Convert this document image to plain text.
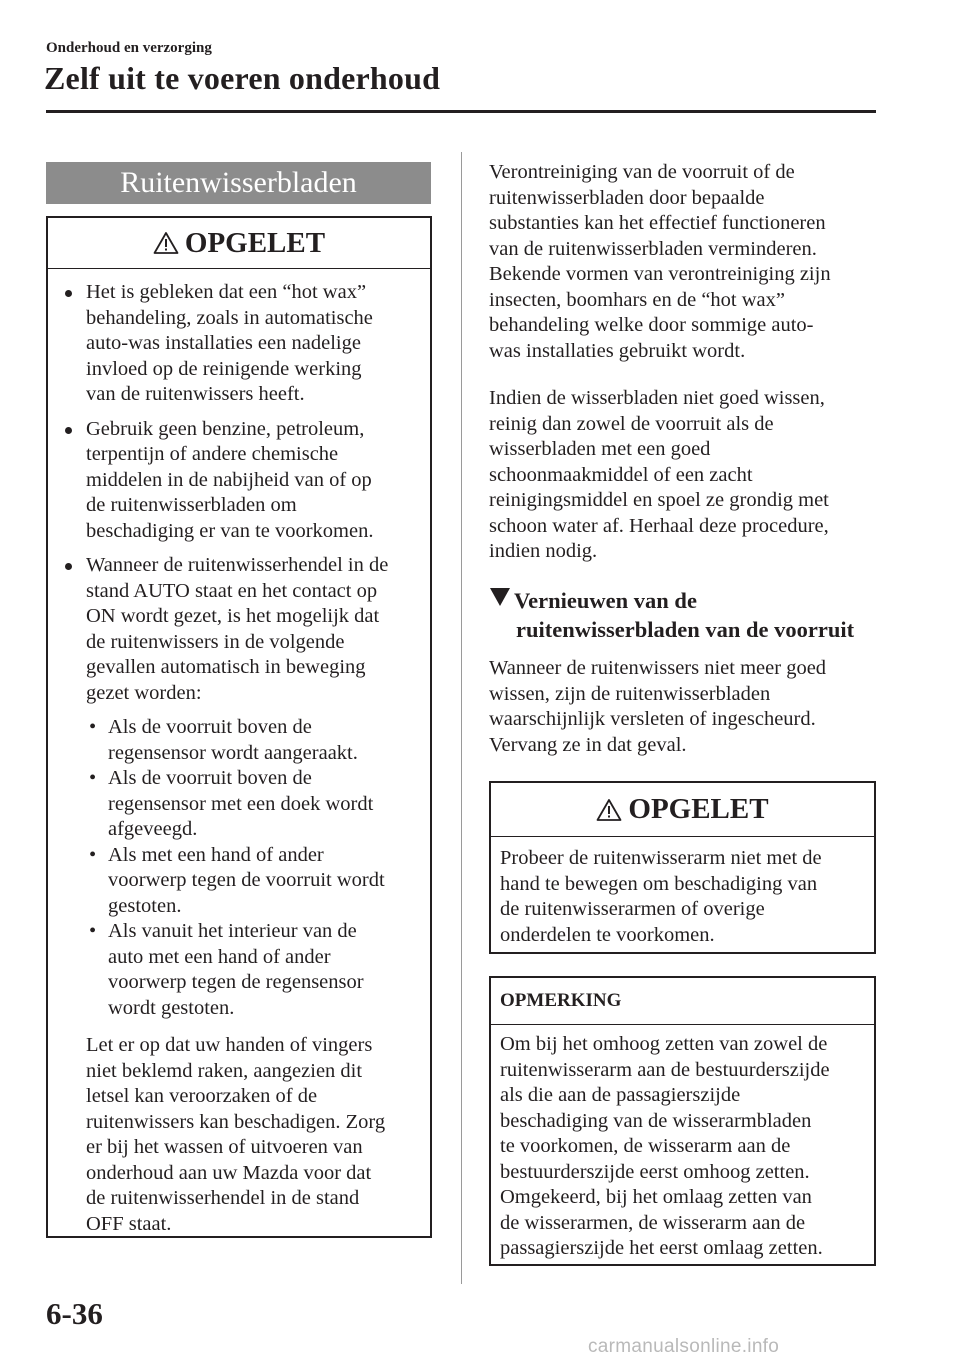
Onderhoud en verzorging
Zelf uit te voeren onderhoud
Ruitenwisserbladen
OPGELET

Het is gebleken dat een “hot wax”

behandeling, zoals in automatische

auto-was installaties een nadelige

invloed op de reinigende werking

van de ruitenwissers heeft.

Gebruik geen benzine, petroleum,

terpentijn of andere chemische

middelen in de nabijheid van of op

de ruitenwisserbladen om

beschadiging er van te voorkomen.

Wanneer de ruitenwisserhendel in de

stand AUTO staat en het contact op

ON wordt gezet, is het mogelijk dat

de ruitenwissers in de volgende

gevallen automatisch in beweging

gezet worden:

• Als de voorruit boven de

regensensor wordt aangeraakt.

• Als de voorruit boven de

regensensor met een doek wordt

afgeveegd.

• Als met een hand of ander

voorwerp tegen de voorruit wordt

gestoten.

• Als vanuit het interieur van de

auto met een hand of ander

voorwerp tegen de regensensor

wordt gestoten.

Let er op dat uw handen of vingers

niet beklemd raken, aangezien dit

letsel kan veroorzaken of de

ruitenwissers kan beschadigen. Zorg

er bij het wassen of uitvoeren van

onderhoud aan uw Mazda voor dat

de ruitenwisserhendel in de stand

OFF staat.

Verontreiniging van de voorruit of de

ruitenwisserbladen door bepaalde

substanties kan het effectief functioneren

van de ruitenwisserbladen verminderen.

Bekende vormen van verontreiniging zijn

insecten, boomhars en de “hot wax”

behandeling welke door sommige auto-

was installaties gebruikt wordt.

Indien de wisserbladen niet goed wissen,

reinig dan zowel de voorruit als de

wisserbladen met een goed

schoonmaakmiddel of een zacht

reinigingsmiddel en spoel ze grondig met

schoon water af. Herhaal deze procedure,

indien nodig.

Vernieuwen van de
ruitenwisserbladen van de voorruit

Wanneer de ruitenwissers niet meer goed

wissen, zijn de ruitenwisserbladen

waarschijnlijk versleten of ingescheurd.

Vervang ze in dat geval.

OPGELET

Probeer de ruitenwisserarm niet met de

hand te bewegen om beschadiging van

de ruitenwisserarmen of overige

onderdelen te voorkomen.

OPMERKING

Om bij het omhoog zetten van zowel de

ruitenwisserarm aan de bestuurderszijde

als die aan de passagierszijde

beschadiging van de wisserarmbladen

te voorkomen, de wisserarm aan de

bestuurderszijde eerst omhoog zetten.

Omgekeerd, bij het omlaag zetten van

de wisserarmen, de wisserarm aan de

passagierszijde het eerst omlaag zetten.

6-36
carmanualsonline.info
